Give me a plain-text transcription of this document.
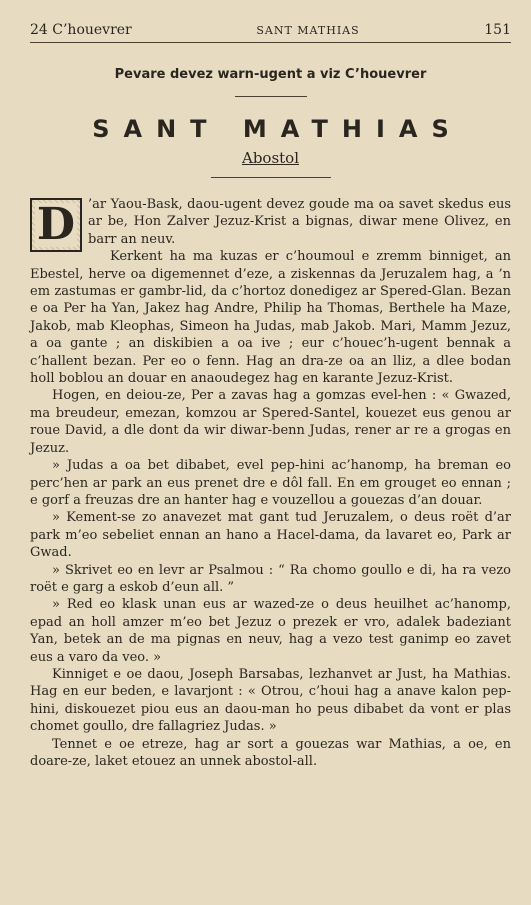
24 C’houevrer	SANT MATHIAS	151
Pevare devez warn-ugent a viz C’houevrer
SANT MATHIAS
Abostol
D ’ar Yaou-Bask, daou-ugent devez goude ma oa savet skedus eus ar be, Hon Zalver Jezuz-Krist a bignas, diwar mene Olivez, en barr an neuv.

Kerkent ha ma kuzas er c’houmoul e zremm binniget, an Ebestel, herve oa digemennet d’eze, a ziskennas da Jeruzalem hag, a ’n em zastumas er gambr-lid, da c’hortoz donedigez ar Spered-Glan. Bezan e oa Per ha Yan, Jakez hag Andre, Philip ha Thomas, Berthele ha Maze, Jakob, mab Kleophas, Simeon ha Judas, mab Jakob. Mari, Mamm Jezuz, a oa gante ; an diskibien a oa ive ; eur c’houec’h-ugent bennak a c’hallent bezan. Per eo o fenn. Hag an dra-ze oa an lliz, a dlee bodan holl boblou an douar en anaoudegez hag en karante Jezuz-Krist.

Hogen, en deiou-ze, Per a zavas hag a gomzas evel-hen : « Gwazed, ma breudeur, emezan, komzou ar Spered-Santel, kouezet eus genou ar roue David, a dle dont da wir diwar-benn Judas, rener ar re a grogas en Jezuz.

» Judas a oa bet dibabet, evel pep-hini ac’hanomp, ha breman eo perc’hen ar park an eus prenet dre e dôl fall. En em grouget eo ennan ; e gorf a freuzas dre an hanter hag e vouzellou a gouezas d’an douar.

» Kement-se zo anavezet mat gant tud Jeruzalem, o deus roët d’ar park m’eo sebeliet ennan an hano a Hacel-dama, da lavaret eo, Park ar Gwad.

» Skrivet eo en levr ar Psalmou : “ Ra chomo goullo e di, ha ra vezo roët e garg a eskob d’eun all. ”

» Red eo klask unan eus ar wazed-ze o deus heuilhet ac’hanomp, epad an holl amzer m’eo bet Jezuz o prezek er vro, adalek badeziant Yan, betek an de ma pignas en neuv, hag a vezo test ganimp eo zavet eus a varo da veo. »

Kinniget e oe daou, Joseph Barsabas, lezhanvet ar Just, ha Mathias. Hag en eur beden, e lavarjont : « Otrou, c’houi hag a anave kalon pep-hini, diskouezet piou eus an daou-man ho peus dibabet da vont er plas chomet goullo, dre fallagriez Judas. »

Tennet e oe etreze, hag ar sort a gouezas war Mathias, a oe, en doare-ze, laket etouez an unnek abostol-all.
